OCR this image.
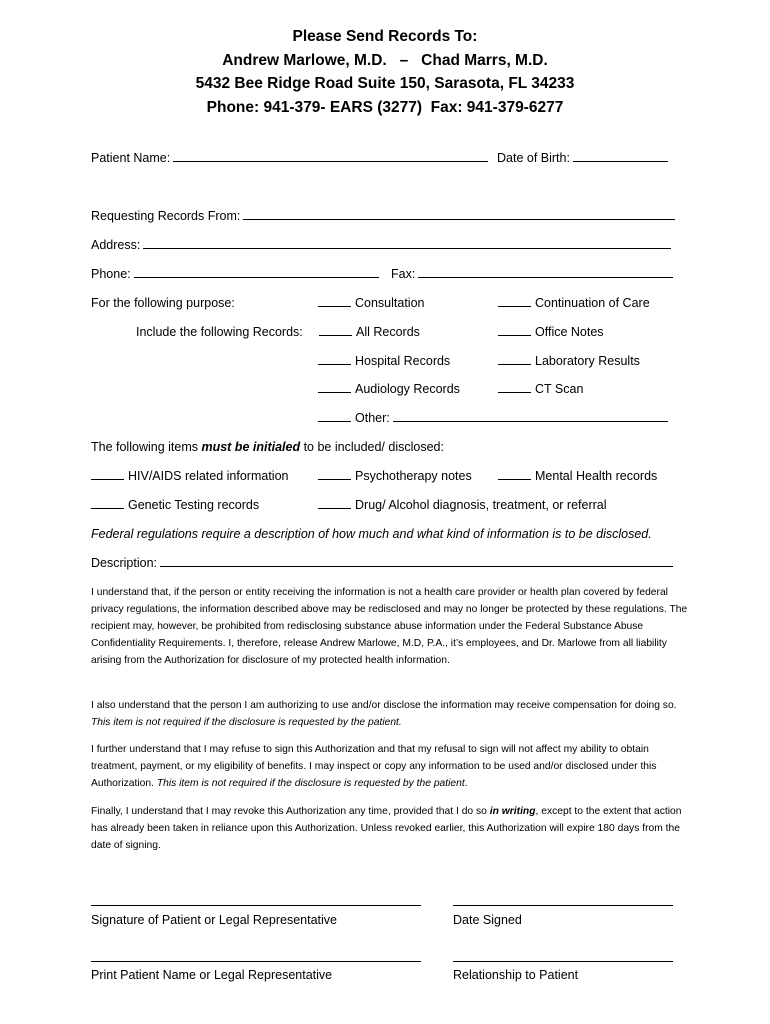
Please Send Records To:
Andrew Marlowe, M.D.   –   Chad Marrs, M.D.
5432 Bee Ridge Road Suite 150, Sarasota, FL 34233
Phone: 941-379- EARS (3277)  Fax: 941-379-6277
Patient Name:	Date of Birth:
Requesting Records From:
Address:
Phone:	Fax:
For the following purpose:	Consultation	Continuation of Care
Include the following Records:	All Records	Office Notes
Hospital Records	Laboratory Results
Audiology Records	CT Scan
Other:
The following items must be initialed to be included/ disclosed:
HIV/AIDS related information	Psychotherapy notes	Mental Health records
Genetic Testing records	Drug/ Alcohol diagnosis, treatment, or referral
Federal regulations require a description of how much and what kind of information is to be disclosed.
Description:
I understand that, if the person or entity receiving the information is not a health care provider or health plan covered by federal privacy regulations, the information described above may be redisclosed and may no longer be protected by these regulations. The recipient may, however, be prohibited from redisclosing substance abuse information under the Federal Substance Abuse Confidentiality Requirements. I, therefore, release Andrew Marlowe, M.D, P.A., it’s employees, and Dr. Marlowe from all liability arising from the Authorization for disclosure of my protected health information.
I also understand that the person I am authorizing to use and/or disclose the information may receive compensation for doing so. This item is not required if the disclosure is requested by the patient.
I further understand that I may refuse to sign this Authorization and that my refusal to sign will not affect my ability to obtain treatment, payment, or my eligibility of benefits. I may inspect or copy any information to be used and/or disclosed under this Authorization. This item is not required if the disclosure is requested by the patient.
Finally, I understand that I may revoke this Authorization any time, provided that I do so in writing, except to the extent that action has already been taken in reliance upon this Authorization. Unless revoked earlier, this Authorization will expire 180 days from the date of signing.
Signature of Patient or Legal Representative	Date Signed
Print Patient Name or Legal Representative	Relationship to Patient
